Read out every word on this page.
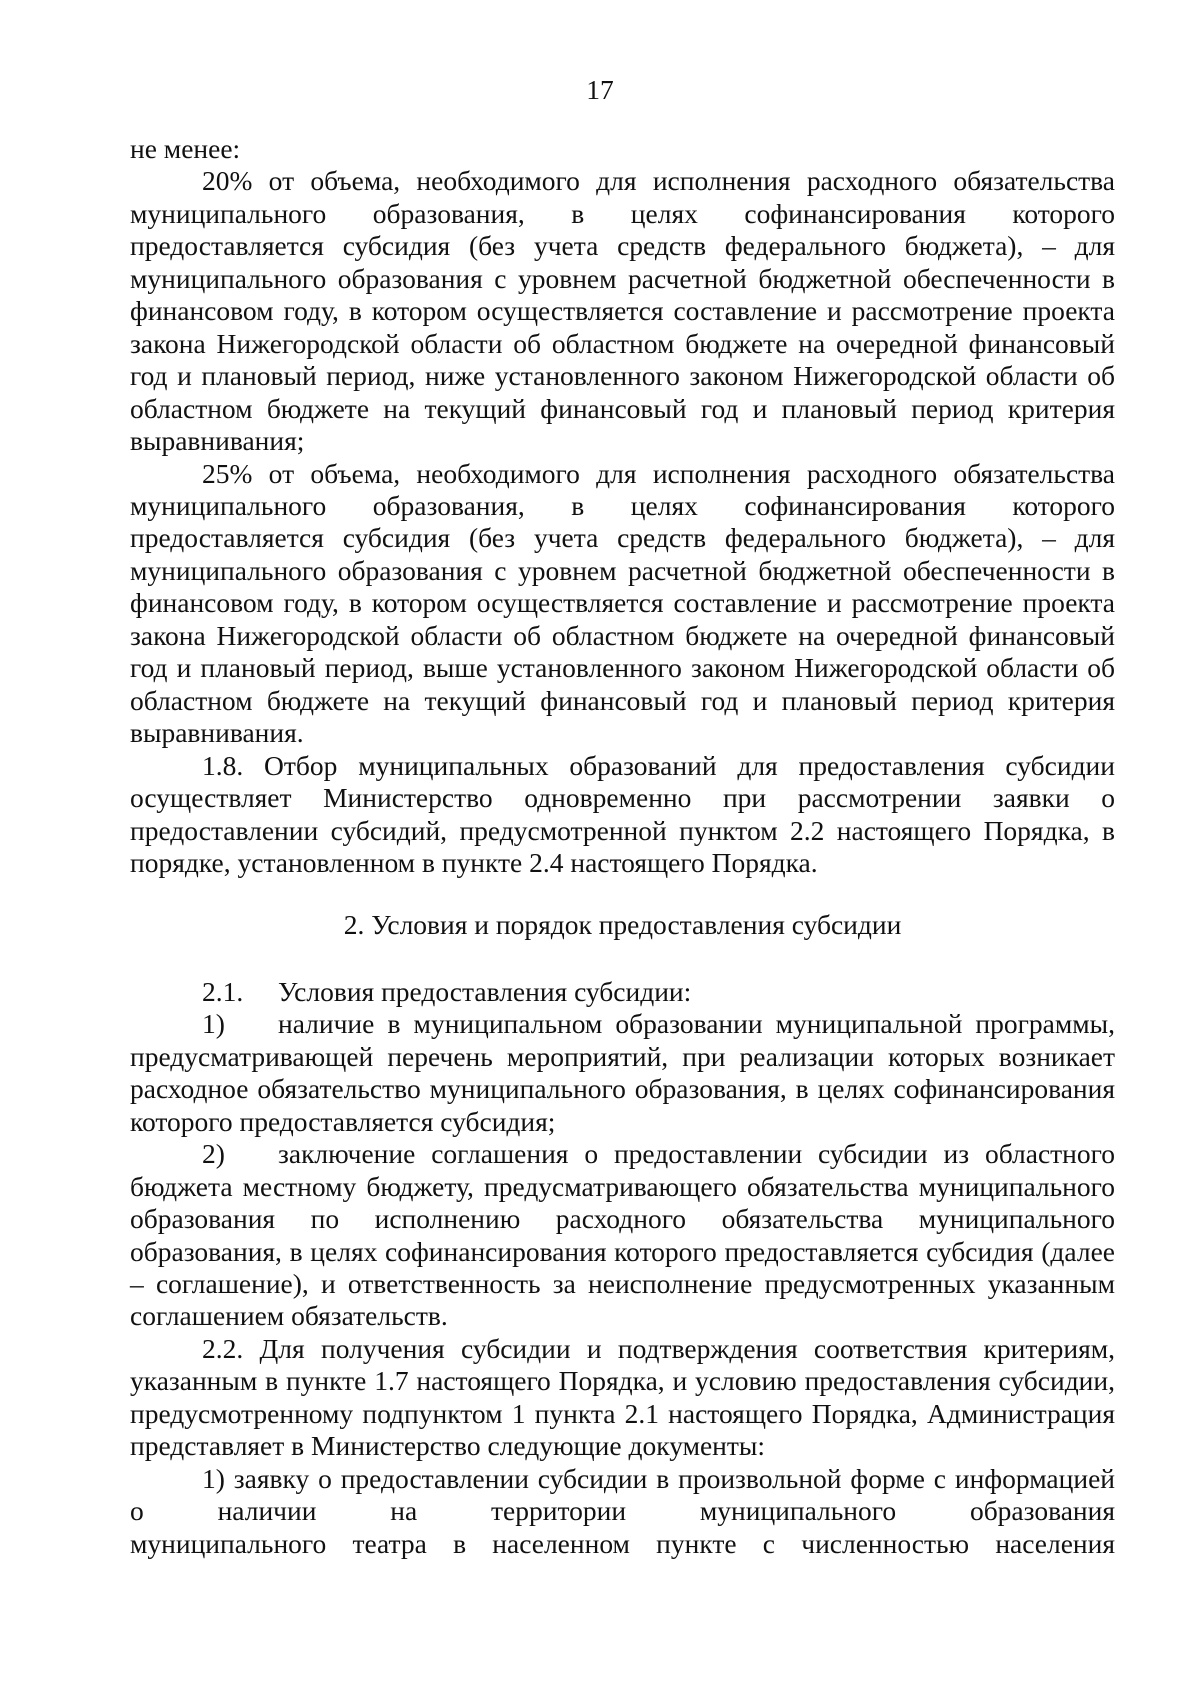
17

не менее:

20% от объема, необходимого для исполнения расходного обязательства муниципального образования, в целях софинансирования которого предоставляется субсидия (без учета средств федерального бюджета), – для муниципального образования с уровнем расчетной бюджетной обеспеченности в финансовом году, в котором осуществляется составление и рассмотрение проекта закона Нижегородской области об областном бюджете на очередной финансовый год и плановый период, ниже установленного законом Нижегородской области об областном бюджете на текущий финансовый год и плановый период критерия выравнивания;

25% от объема, необходимого для исполнения расходного обязательства муниципального образования, в целях софинансирования которого предоставляется субсидия (без учета средств федерального бюджета), – для муниципального образования с уровнем расчетной бюджетной обеспеченности в финансовом году, в котором осуществляется составление и рассмотрение проекта закона Нижегородской области об областном бюджете на очередной финансовый год и плановый период, выше установленного законом Нижегородской области об областном бюджете на текущий финансовый год и плановый период критерия выравнивания.

1.8. Отбор муниципальных образований для предоставления субсидии осуществляет Министерство одновременно при рассмотрении заявки о предоставлении субсидий, предусмотренной пунктом 2.2 настоящего Порядка, в порядке, установленном в пункте 2.4 настоящего Порядка.

2. Условия и порядок предоставления субсидии

2.1. Условия предоставления субсидии:

1) наличие в муниципальном образовании муниципальной программы, предусматривающей перечень мероприятий, при реализации которых возникает расходное обязательство муниципального образования, в целях софинансирования которого предоставляется субсидия;

2) заключение соглашения о предоставлении субсидии из областного бюджета местному бюджету, предусматривающего обязательства муниципального образования по исполнению расходного обязательства муниципального образования, в целях софинансирования которого предоставляется субсидия (далее – соглашение), и ответственность за неисполнение предусмотренных указанным соглашением обязательств.

2.2. Для получения субсидии и подтверждения соответствия критериям, указанным в пункте 1.7 настоящего Порядка, и условию предоставления субсидии, предусмотренному подпунктом 1 пункта 2.1 настоящего Порядка, Администрация представляет в Министерство следующие документы:

1) заявку о предоставлении субсидии в произвольной форме с информацией о наличии на территории муниципального образования

муниципального театра в населенном пункте с численностью населения
